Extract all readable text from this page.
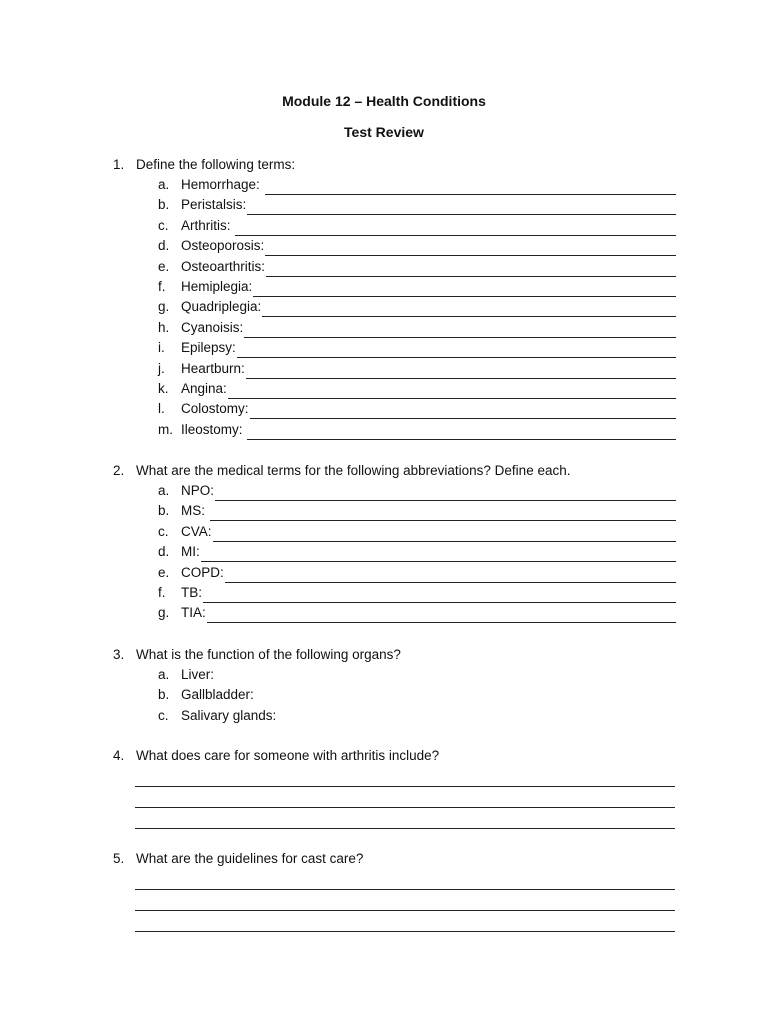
Module 12 – Health Conditions
Test Review
1. Define the following terms:
a. Hemorrhage:
b. Peristalsis:
c. Arthritis:
d. Osteoporosis:
e. Osteoarthritis:
f. Hemiplegia:
g. Quadriplegia:
h. Cyanoisis:
i. Epilepsy:
j. Heartburn:
k. Angina:
l. Colostomy:
m. Ileostomy:
2. What are the medical terms for the following abbreviations? Define each.
a. NPO:
b. MS:
c. CVA:
d. MI:
e. COPD:
f. TB:
g. TIA:
3. What is the function of the following organs?
a. Liver:
b. Gallbladder:
c. Salivary glands:
4. What does care for someone with arthritis include?
5. What are the guidelines for cast care?
